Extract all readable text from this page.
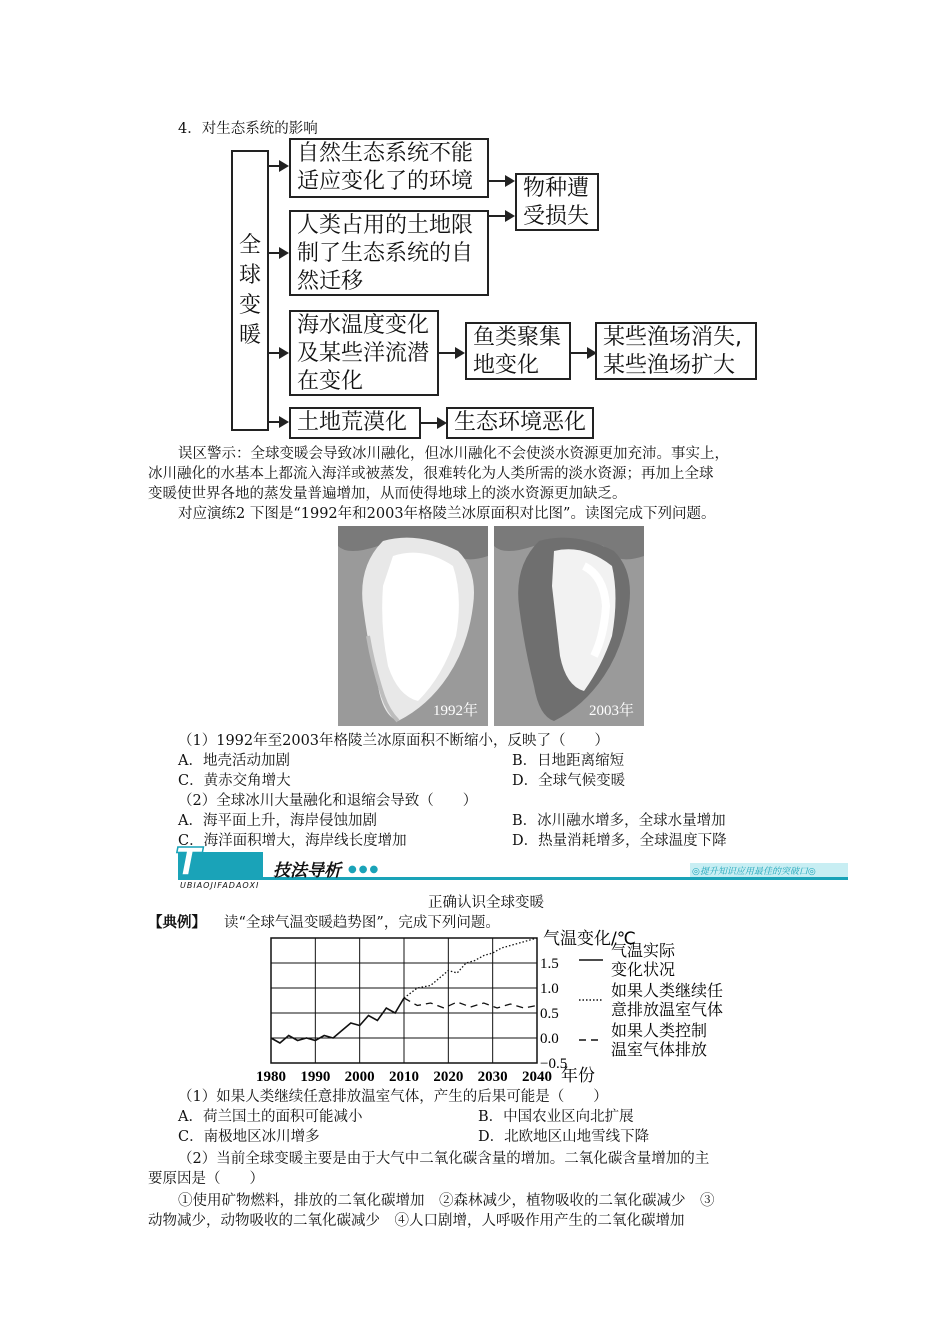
4．对生态系统的影响
全
球
变
暖
自然生态系统不能
适应变化了的环境
人类占用的土地限
制了生态系统的自
然迁移
物种遭
受损失
海水温度变化
及某些洋流潜
在变化
鱼类聚集
地变化
某些渔场消失,
某些渔场扩大
土地荒漠化	生态环境恶化
误区警示：全球变暖会导致冰川融化，但冰川融化不会使淡水资源更加充沛。事实上，
冰川融化的水基本上都流入海洋或被蒸发，很难转化为人类所需的淡水资源；再加上全球
变暖使世界各地的蒸发量普遍增加，从而使得地球上的淡水资源更加缺乏。
对应演练2 下图是“1992年和2003年格陵兰冰原面积对比图”。读图完成下列问题。
1992年	2003年
（1）1992年至2003年格陵兰冰原面积不断缩小，反映了（　　）
A．地壳活动加剧	B．日地距离缩短
C．黄赤交角增大	D．全球气候变暖
（2）全球冰川大量融化和退缩会导致（　　）
A．海平面上升，海岸侵蚀加剧	B．冰川融水增多，全球水量增加
C．海洋面积增大，海岸线长度增加	D．热量消耗增多，全球温度下降
T	技法导析 ●●●
UBIAOJIFADAOXI
◎提升知识应用最佳的突破口◎
正确认识全球变暖
【典例】 读“全球气温变暖趋势图”，完成下列问题。
1980 1990 2000 2010 2020 2030 2040
1.5
1.0
0.5
0.0
−0.5
气温变化/℃
年份
气温实际
变化状况
如果人类继续任
意排放温室气体
如果人类控制
温室气体排放
（1）如果人类继续任意排放温室气体，产生的后果可能是（　　）
A．荷兰国土的面积可能减小	B．中国农业区向北扩展
C．南极地区冰川增多	D．北欧地区山地雪线下降
（2）当前全球变暖主要是由于大气中二氧化碳含量的增加。二氧化碳含量增加的主
要原因是（　　）
①使用矿物燃料，排放的二氧化碳增加　②森林减少，植物吸收的二氧化碳减少　③
动物减少，动物吸收的二氧化碳减少　④人口剧增，人呼吸作用产生的二氧化碳增加
